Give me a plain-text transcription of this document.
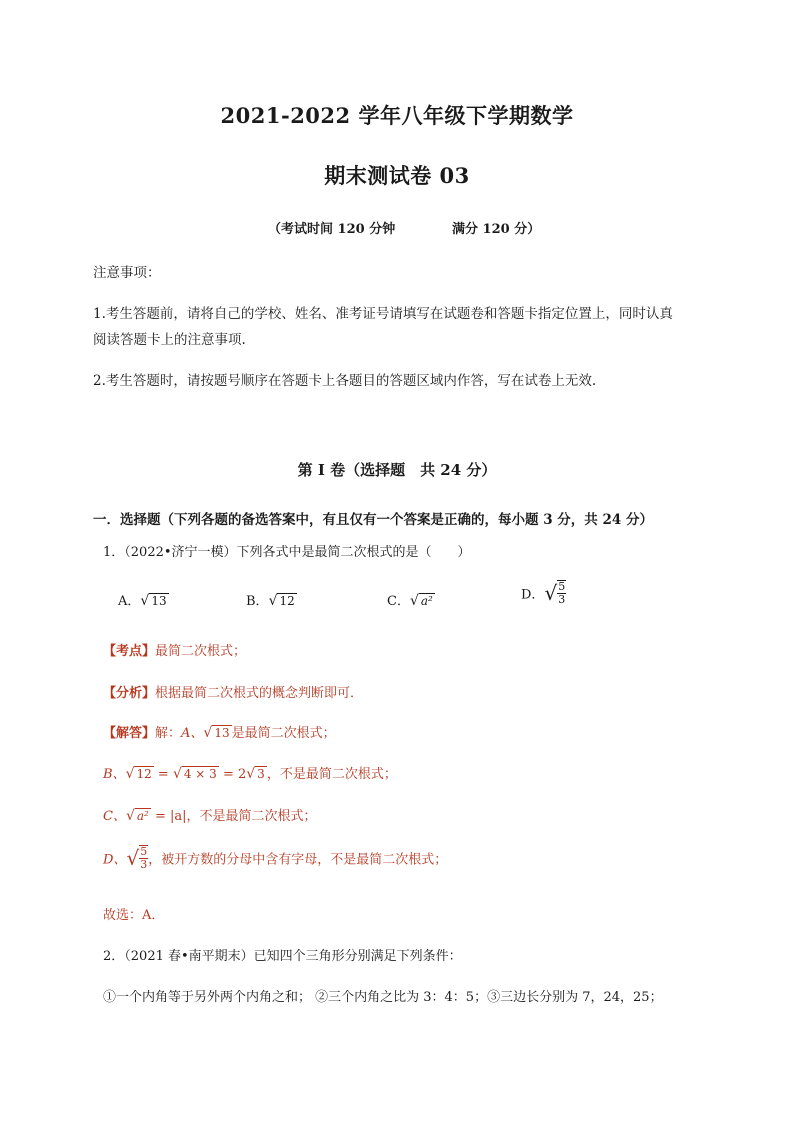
2021-2022 学年八年级下学期数学
期末测试卷 03
（考试时间 120 分钟	满分 120 分）
注意事项：
1.考生答题前，请将自己的学校、姓名、准考证号请填写在试题卷和答题卡指定位置上，同时认真
阅读答题卡上的注意事项.
2.考生答题时，请按题号顺序在答题卡上各题目的答题区域内作答，写在试卷上无效.
第 I 卷（选择题　共 24 分）
一．选择题（下列各题的备选答案中，有且仅有一个答案是正确的，每小题 3 分，共 24 分）
1．（2022•济宁一模）下列各式中是最简二次根式的是（　　）
A．√ 13	B．√ 12	C．√ a²	D．√ $\frac{5}{3}$
【考点】最简二次根式；
【分析】根据最简二次根式的概念判断即可．
【解答】解：A、√ 13 是最简二次根式；
B、√ 12 = √ 4 × 3 = 2√ 3 ，不是最简二次根式；
C、√ a² = |a|，不是最简二次根式；
D、√ $\frac{5}{3}$ ，被开方数的分母中含有字母，不是最简二次根式；
故选：A．
2．（2021 春•南平期末）已知四个三角形分别满足下列条件：
①一个内角等于另外两个内角之和； ②三个内角之比为 3：4：5；③三边长分别为 7，24，25；
